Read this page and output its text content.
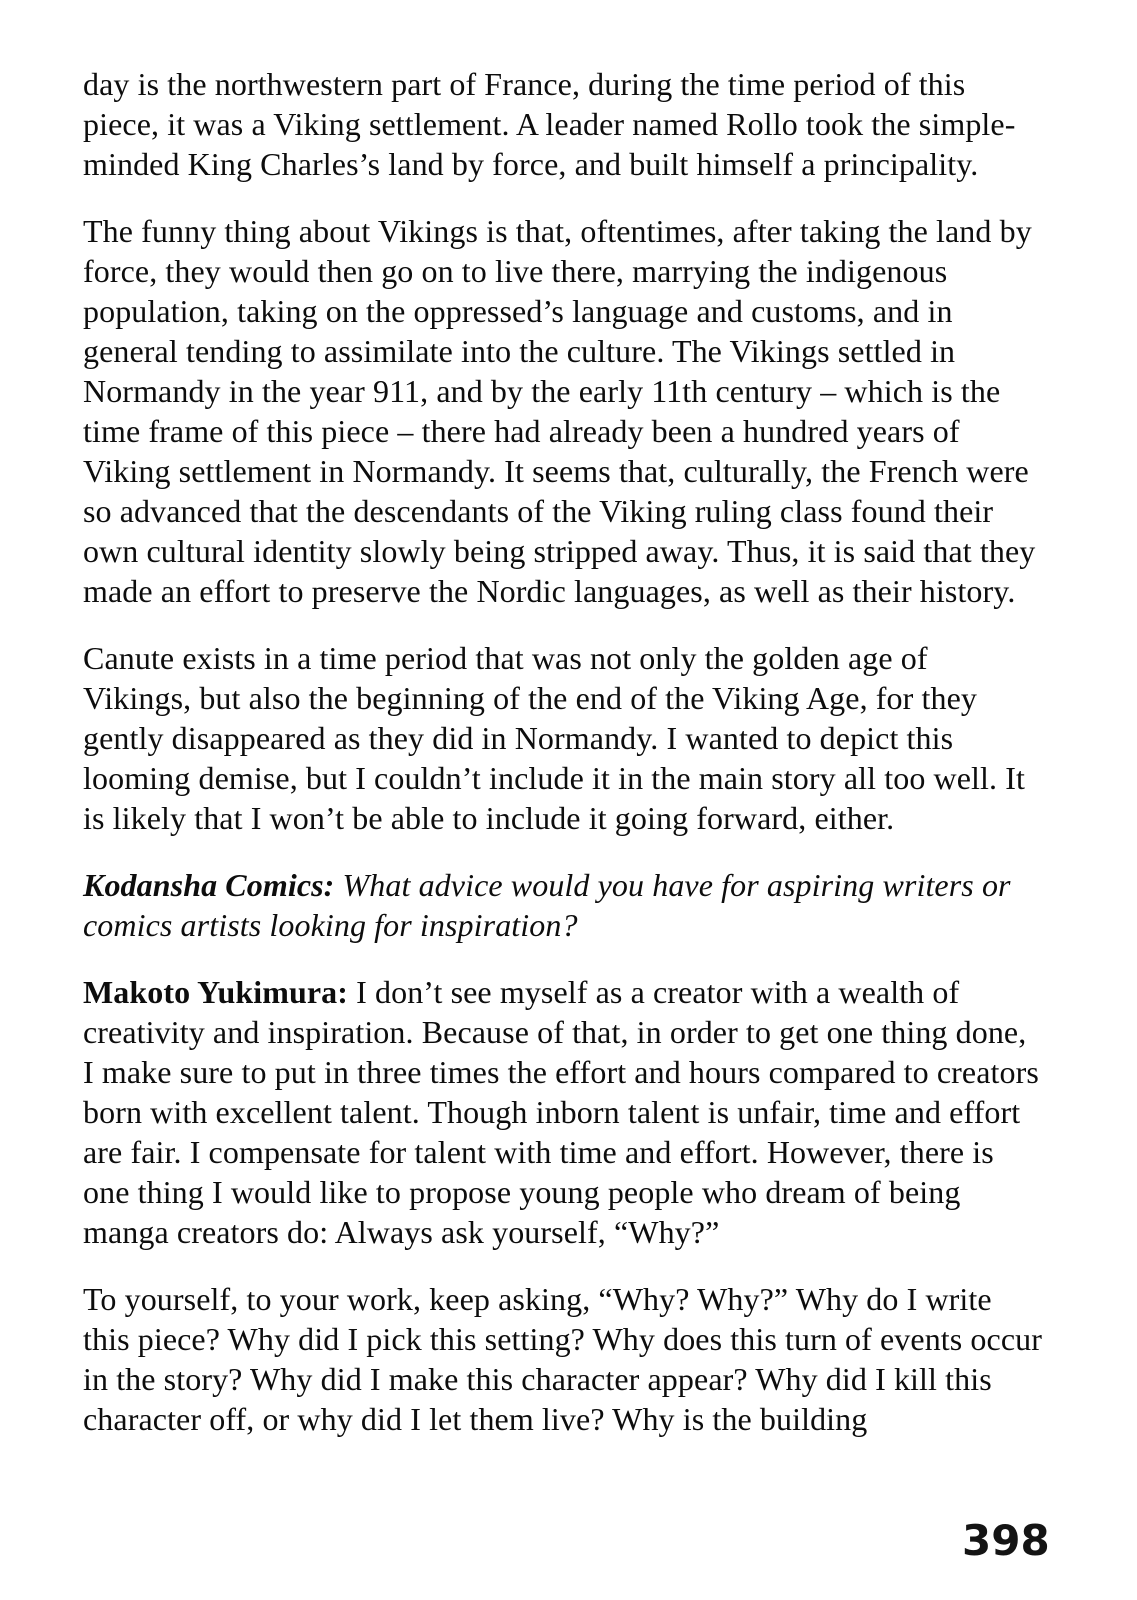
day is the northwestern part of France, during the time period of this piece, it was a Viking settlement. A leader named Rollo took the simple-minded King Charles’s land by force, and built himself a principality.

The funny thing about Vikings is that, oftentimes, after taking the land by force, they would then go on to live there, marrying the indigenous population, taking on the oppressed’s language and customs, and in general tending to assimilate into the culture. The Vikings settled in Normandy in the year 911, and by the early 11th century – which is the time frame of this piece – there had already been a hundred years of Viking settlement in Normandy. It seems that, culturally, the French were so advanced that the descendants of the Viking ruling class found their own cultural identity slowly being stripped away. Thus, it is said that they made an effort to preserve the Nordic languages, as well as their history.

Canute exists in a time period that was not only the golden age of Vikings, but also the beginning of the end of the Viking Age, for they gently disappeared as they did in Normandy. I wanted to depict this looming demise, but I couldn’t include it in the main story all too well. It is likely that I won’t be able to include it going forward, either.

Kodansha Comics: What advice would you have for aspiring writers or comics artists looking for inspiration?

Makoto Yukimura: I don’t see myself as a creator with a wealth of creativity and inspiration. Because of that, in order to get one thing done, I make sure to put in three times the effort and hours compared to creators born with excellent talent. Though inborn talent is unfair, time and effort are fair. I compensate for talent with time and effort. However, there is one thing I would like to propose young people who dream of being manga creators do: Always ask yourself, “Why?”

To yourself, to your work, keep asking, “Why? Why?” Why do I write this piece? Why did I pick this setting? Why does this turn of events occur in the story? Why did I make this character appear? Why did I kill this character off, or why did I let them live? Why is the building

398
